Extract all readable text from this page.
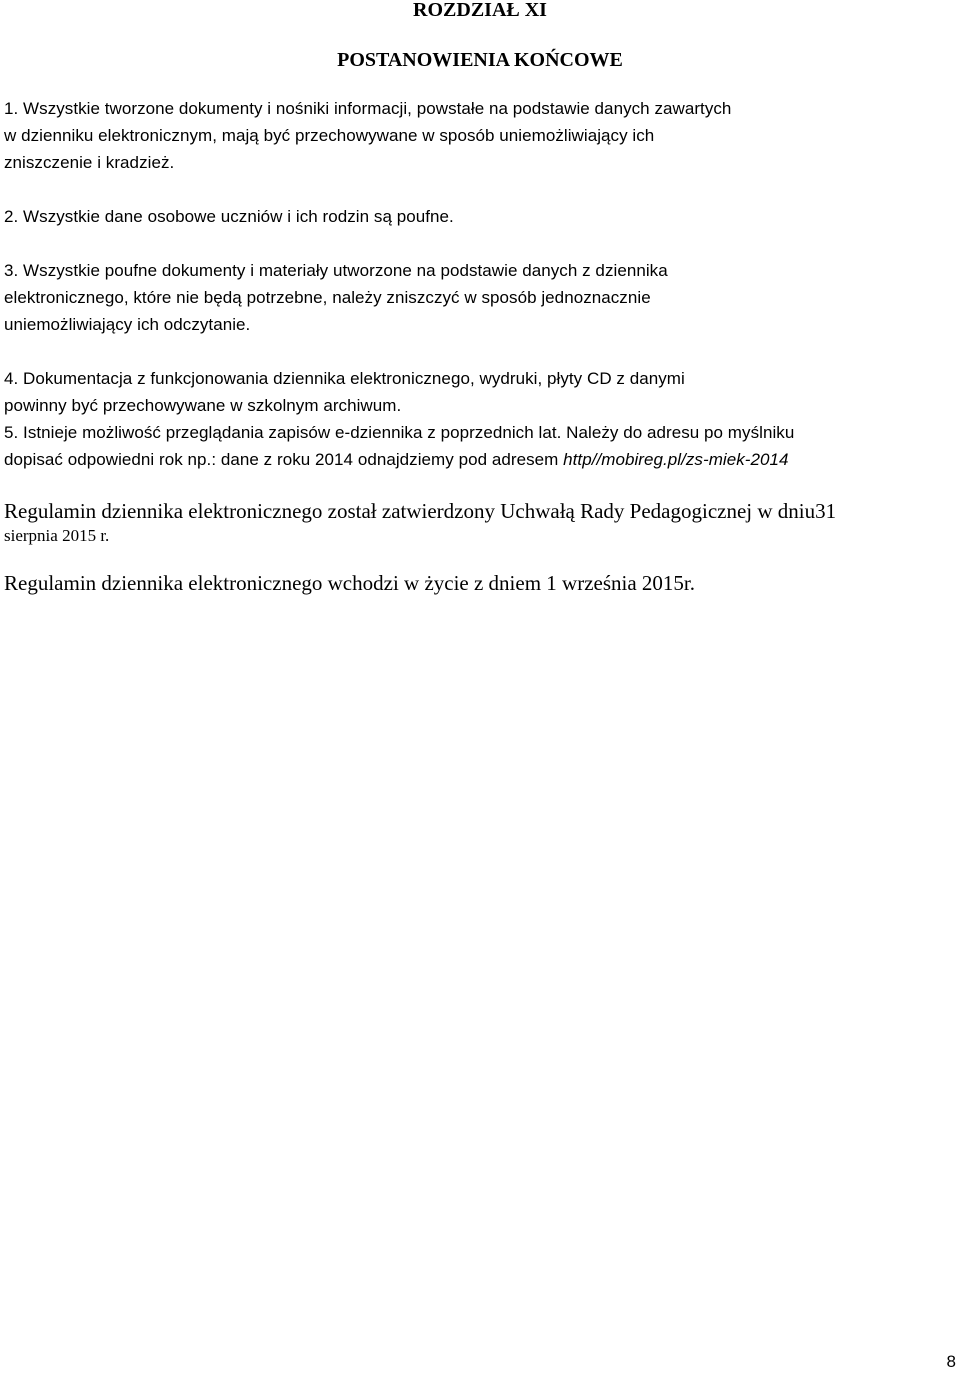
ROZDZIAŁ XI
POSTANOWIENIA KOŃCOWE
1. Wszystkie tworzone dokumenty i nośniki informacji, powstałe na podstawie danych zawartych
w dzienniku elektronicznym, mają być przechowywane w sposób uniemożliwiający ich
zniszczenie i kradzież.
2. Wszystkie dane osobowe uczniów i ich rodzin są poufne.
3. Wszystkie poufne dokumenty i materiały utworzone na podstawie danych z dziennika
elektronicznego, które nie będą potrzebne, należy zniszczyć w sposób jednoznacznie
uniemożliwiający ich odczytanie.
4. Dokumentacja z funkcjonowania dziennika elektronicznego, wydruki, płyty CD z danymi
powinny być przechowywane w szkolnym archiwum.
5. Istnieje możliwość przeglądania zapisów e-dziennika z poprzednich lat. Należy do adresu po myślniku
dopisać odpowiedni rok np.: dane z roku 2014 odnajdziemy pod adresem http//mobireg.pl/zs-miek-2014
Regulamin dziennika elektronicznego został zatwierdzony Uchwałą Rady Pedagogicznej w dniu31
sierpnia 2015 r.
Regulamin dziennika elektronicznego wchodzi w życie z dniem 1 września 2015r.
8
